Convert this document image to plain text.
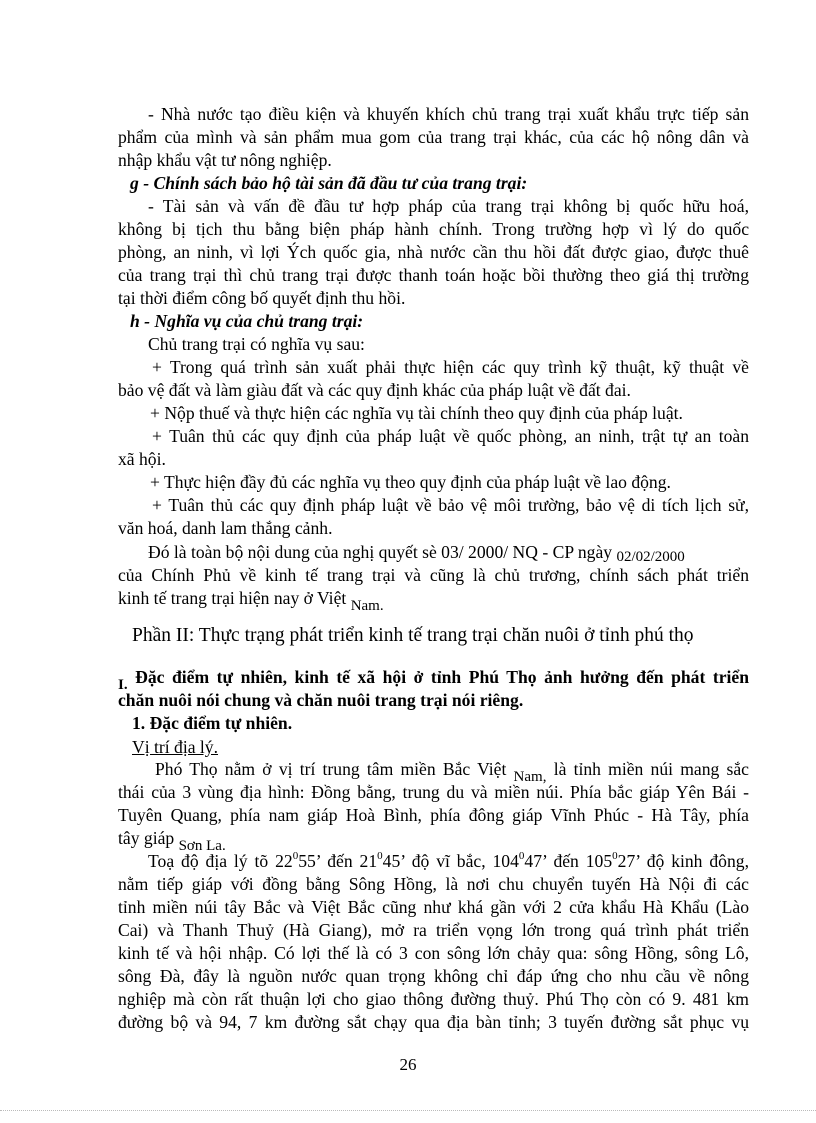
- Nhà nước tạo điều kiện và khuyến khích chủ trang trại xuất khẩu trực tiếp sản
phẩm của mình và sản phẩm mua gom của trang trại khác, của các hộ nông dân và
nhập khẩu vật tư nông nghiệp.
g - Chính sách bảo hộ tài sản đã đầu tư của trang trại:
- Tài sản và vấn đề đầu tư hợp pháp của trang trại không bị quốc hữu hoá,
không bị tịch thu bằng biện pháp hành chính. Trong trường hợp vì lý do quốc
phòng, an ninh, vì lợi Ých quốc gia, nhà nước cần thu hồi đất được giao, được thuê
của trang trại thì chủ trang trại được thanh toán hoặc bồi thường theo giá thị trường
tại thời điểm công bố quyết định thu hồi.
h - Nghĩa vụ của chủ trang trại:
Chủ trang trại có nghĩa vụ sau:
+ Trong quá trình sản xuất phải thực hiện các quy trình kỹ thuật, kỹ thuật về
bảo vệ đất và làm giàu đất và các quy định khác của pháp luật về đất đai.
+ Nộp thuế và thực hiện các nghĩa vụ tài chính theo quy định của pháp luật.
+ Tuân thủ các quy định của pháp luật về quốc phòng, an ninh, trật tự an toàn
xã hội.
+ Thực hiện đầy đủ các nghĩa vụ theo quy định của pháp luật về lao động.
+ Tuân thủ các quy định pháp luật về bảo vệ môi trường, bảo vệ di tích lịch sử,
văn hoá, danh lam thắng cảnh.
Đó là toàn bộ nội dung của nghị quyết sè 03/ 2000/ NQ - CP ngày 02/02/2000
của Chính Phủ về kinh tế trang trại và cũng là chủ trương, chính sách phát triển
kinh tế trang trại hiện nay ở Việt Nam.
Phần II: Thực trạng phát triển kinh tế trang trại chăn nuôi ở tỉnh phú thọ
I. Đặc điểm tự nhiên, kinh tế xã hội ở tỉnh Phú Thọ ảnh hưởng đến phát triển
chăn nuôi nói chung và chăn nuôi trang trại nói riêng.
1. Đặc điểm tự nhiên.
Vị trí địa lý.
Phó Thọ nằm ở vị trí trung tâm miền Bắc Việt Nam, là tỉnh miền núi mang sắc
thái của 3 vùng địa hình: Đồng bằng, trung du và miền núi. Phía bắc giáp Yên Bái -
Tuyên Quang, phía nam giáp Hoà Bình, phía đông giáp Vĩnh Phúc - Hà Tây, phía
tây giáp Sơn La.
Toạ độ địa lý tõ $22^055$’ đến $21^045$’ độ vĩ bắc, $104^047$’ đến $105^027$’ độ kinh đông,
nằm tiếp giáp với đồng bằng Sông Hồng, là nơi chu chuyển tuyến Hà Nội đi các
tỉnh miền núi tây Bắc và Việt Bắc cũng như khá gần với 2 cửa khẩu Hà Khẩu (Lào
Cai) và Thanh Thuỷ (Hà Giang), mở ra triển vọng lớn trong quá trình phát triển
kinh tế và hội nhập. Có lợi thế là có 3 con sông lớn chảy qua: sông Hồng, sông Lô,
sông Đà, đây là nguồn nước quan trọng không chỉ đáp ứng cho nhu cầu về nông
nghiệp mà còn rất thuận lợi cho giao thông đường thuỷ. Phú Thọ còn có 9. 481 km
đường bộ và 94, 7 km đường sắt chạy qua địa bàn tỉnh; 3 tuyến đường sắt phục vụ
26
